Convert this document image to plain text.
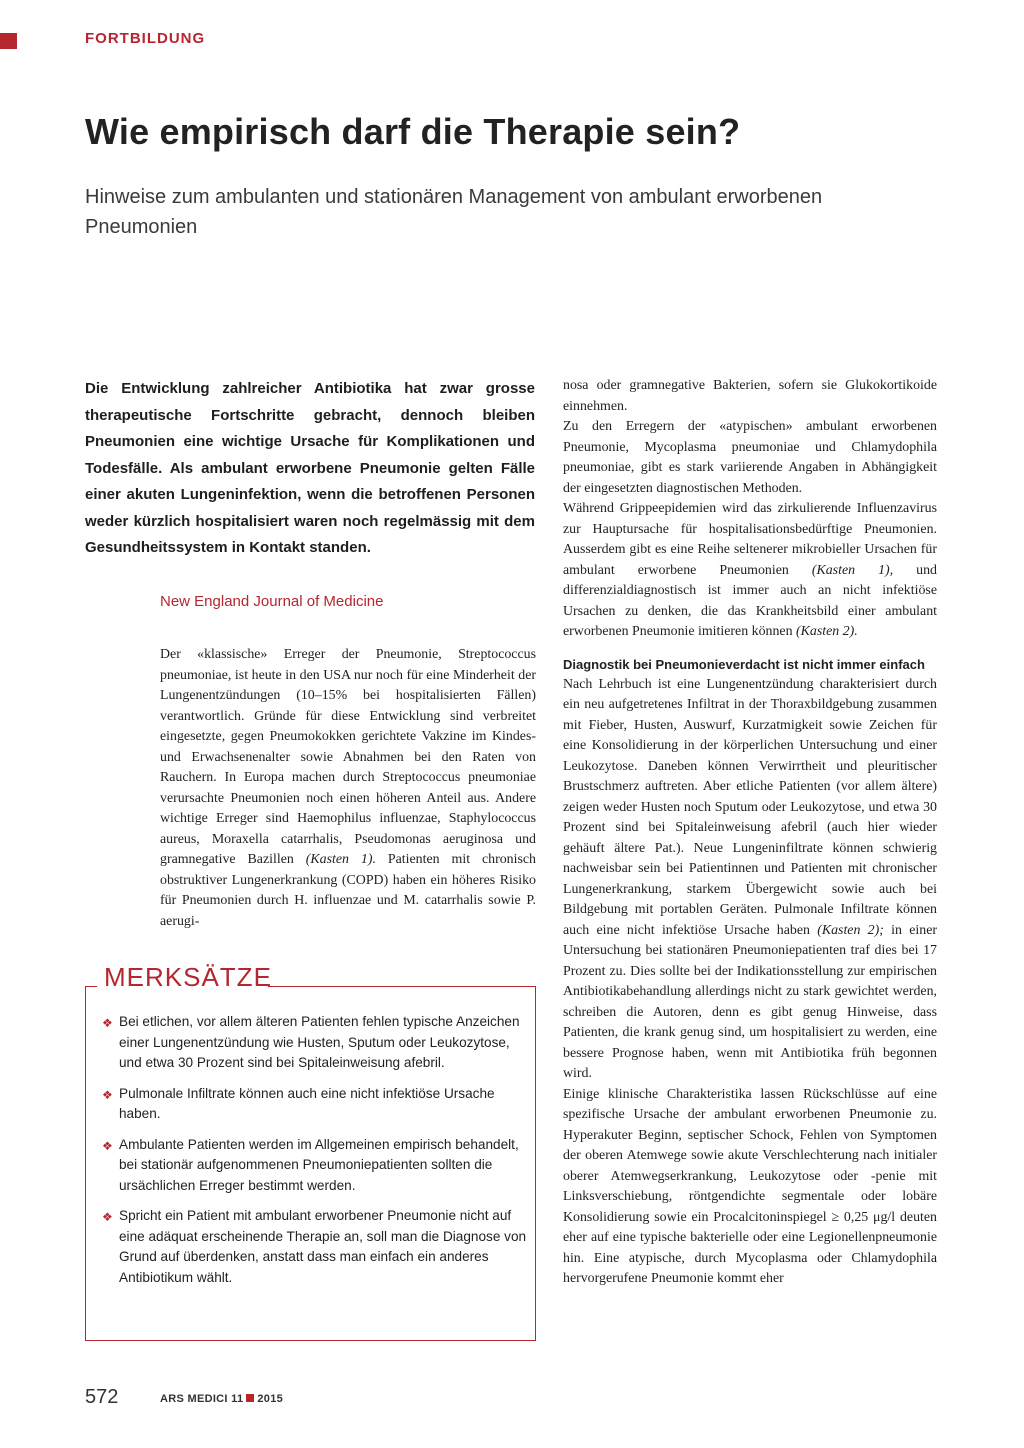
FORTBILDUNG
Wie empirisch darf die Therapie sein?

Hinweise zum ambulanten und stationären Management von ambulant erworbenen Pneumonien

Die Entwicklung zahlreicher Antibiotika hat zwar grosse therapeutische Fortschritte gebracht, dennoch bleiben Pneumonien eine wichtige Ursache für Komplikationen und Todesfälle. Als ambulant erworbene Pneumonie gelten Fälle einer akuten Lungeninfektion, wenn die betroffenen Personen weder kürzlich hospitalisiert waren noch regelmässig mit dem Gesundheitssystem in Kontakt standen.

New England Journal of Medicine

Der «klassische» Erreger der Pneumonie, Streptococcus pneumoniae, ist heute in den USA nur noch für eine Minderheit der Lungenentzündungen (10–15% bei hospitalisierten Fällen) verantwortlich. Gründe für diese Entwicklung sind verbreitet eingesetzte, gegen Pneumokokken gerichtete Vakzine im Kindes- und Erwachsenenalter sowie Abnahmen bei den Raten von Rauchern. In Europa machen durch Streptococcus pneumoniae verursachte Pneumonien noch einen höheren Anteil aus. Andere wichtige Erreger sind Haemophilus influenzae, Staphylococcus aureus, Moraxella catarrhalis, Pseudomonas aeruginosa und gramnegative Bazillen (Kasten 1). Patienten mit chronisch obstruktiver Lungenerkrankung (COPD) haben ein höheres Risiko für Pneumonien durch H. influenzae und M. catarrhalis sowie P. aerugi-

MERKSÄTZE
❖ Bei etlichen, vor allem älteren Patienten fehlen typische Anzeichen einer Lungenentzündung wie Husten, Sputum oder Leukozytose, und etwa 30 Prozent sind bei Spitaleinweisung afebril.
❖ Pulmonale Infiltrate können auch eine nicht infektiöse Ursache haben.
❖ Ambulante Patienten werden im Allgemeinen empirisch behandelt, bei stationär aufgenommenen Pneumoniepatienten sollten die ursächlichen Erreger bestimmt werden.
❖ Spricht ein Patient mit ambulant erworbener Pneumonie nicht auf eine adäquat erscheinende Therapie an, soll man die Diagnose von Grund auf überdenken, anstatt dass man einfach ein anderes Antibiotikum wählt.

nosa oder gramnegative Bakterien, sofern sie Glukokortikoide einnehmen.

Zu den Erregern der «atypischen» ambulant erworbenen Pneumonie, Mycoplasma pneumoniae und Chlamydophila pneumoniae, gibt es stark variierende Angaben in Abhängigkeit der eingesetzten diagnostischen Methoden.

Während Grippeepidemien wird das zirkulierende Influenzavirus zur Hauptursache für hospitalisationsbedürftige Pneumonien. Ausserdem gibt es eine Reihe seltenerer mikrobieller Ursachen für ambulant erworbene Pneumonien (Kasten 1), und differenzialdiagnostisch ist immer auch an nicht infektiöse Ursachen zu denken, die das Krankheitsbild einer ambulant erworbenen Pneumonie imitieren können (Kasten 2).

Diagnostik bei Pneumonieverdacht ist nicht immer einfach

Nach Lehrbuch ist eine Lungenentzündung charakterisiert durch ein neu aufgetretenes Infiltrat in der Thoraxbildgebung zusammen mit Fieber, Husten, Auswurf, Kurzatmigkeit sowie Zeichen für eine Konsolidierung in der körperlichen Untersuchung und einer Leukozytose. Daneben können Verwirrtheit und pleuritischer Brustschmerz auftreten. Aber etliche Patienten (vor allem ältere) zeigen weder Husten noch Sputum oder Leukozytose, und etwa 30 Prozent sind bei Spitaleinweisung afebril (auch hier wieder gehäuft ältere Pat.). Neue Lungeninfiltrate können schwierig nachweisbar sein bei Patientinnen und Patienten mit chronischer Lungenerkrankung, starkem Übergewicht sowie auch bei Bildgebung mit portablen Geräten. Pulmonale Infiltrate können auch eine nicht infektiöse Ursache haben (Kasten 2); in einer Untersuchung bei stationären Pneumoniepatienten traf dies bei 17 Prozent zu. Dies sollte bei der Indikationsstellung zur empirischen Antibiotikabehandlung allerdings nicht zu stark gewichtet werden, schreiben die Autoren, denn es gibt genug Hinweise, dass Patienten, die krank genug sind, um hospitalisiert zu werden, eine bessere Prognose haben, wenn mit Antibiotika früh begonnen wird.

Einige klinische Charakteristika lassen Rückschlüsse auf eine spezifische Ursache der ambulant erworbenen Pneumonie zu. Hyperakuter Beginn, septischer Schock, Fehlen von Symptomen der oberen Atemwege sowie akute Verschlechterung nach initialer oberer Atemwegserkrankung, Leukozytose oder -penie mit Linksverschiebung, röntgendichte segmentale oder lobäre Konsolidierung sowie ein Procalcitoninspiegel ≥ 0,25 μg/l deuten eher auf eine typische bakterielle oder eine Legionellenpneumonie hin. Eine atypische, durch Mycoplasma oder Chlamydophila hervorgerufene Pneumonie kommt eher

572	ARS MEDICI 11 2015
